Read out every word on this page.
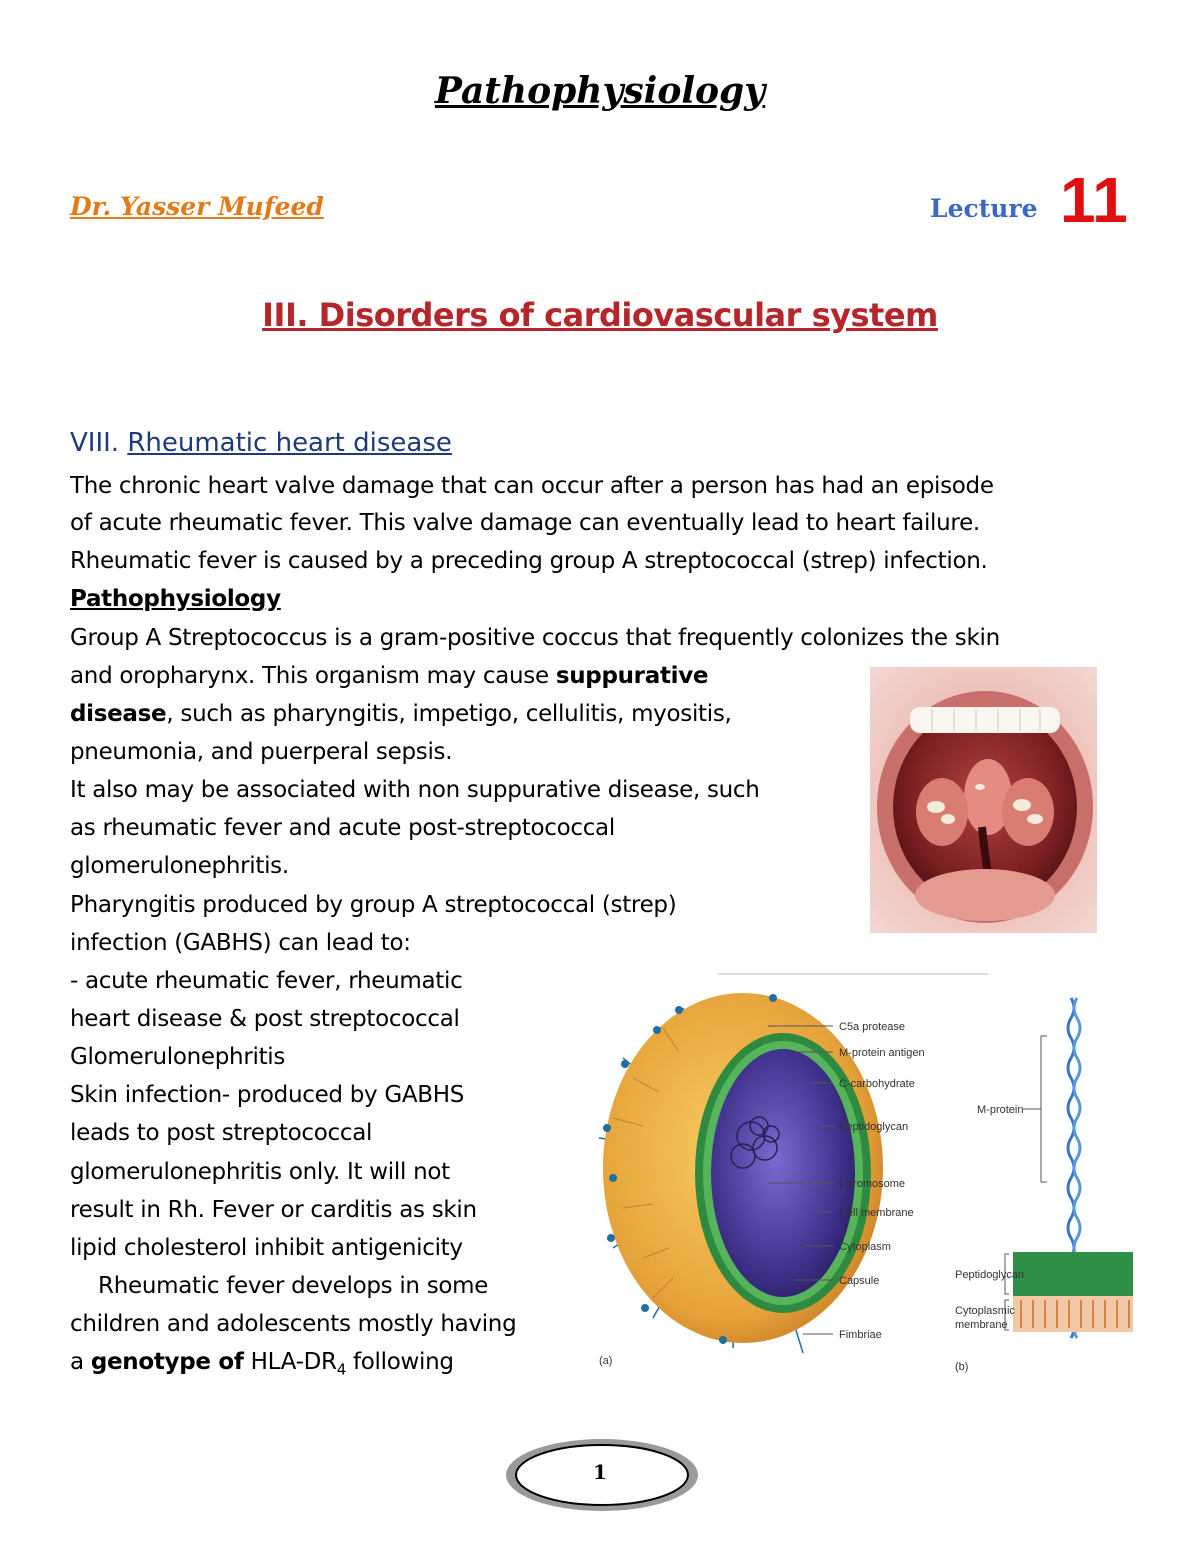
Pathophysiology
Dr. Yasser Mufeed	Lecture 11
III. Disorders of cardiovascular system
VIII. Rheumatic heart disease
The chronic heart valve damage that can occur after a person has had an episode
of acute rheumatic fever. This valve damage can eventually lead to heart failure.
Rheumatic fever is caused by a preceding group A streptococcal (strep) infection.
Pathophysiology
Group A Streptococcus is a gram-positive coccus that frequently colonizes the skin
and oropharynx. This organism may cause suppurative
disease, such as pharyngitis, impetigo, cellulitis, myositis,
pneumonia, and puerperal sepsis.
It also may be associated with non suppurative disease, such
as rheumatic fever and acute post-streptococcal
glomerulonephritis.
Pharyngitis produced by group A streptococcal (strep)
infection (GABHS) can lead to:
- acute rheumatic fever, rheumatic
heart disease & post streptococcal
Glomerulonephritis
Skin infection- produced by GABHS
leads to post streptococcal
glomerulonephritis only. It will not
result in Rh. Fever or carditis as skin
lipid cholesterol inhibit antigenicity
Rheumatic fever develops in some
children and adolescents mostly having
a genotype of HLA-$DR_4$ following
C5a protease
M-protein antigen
C-carbohydrate
Peptidoglycan
Chromosome
Cell membrane
Cytoplasm
Capsule
Fimbriae
(a)	(b)
M-protein
Peptidoglycan
Cytoplasmic
membrane
1
